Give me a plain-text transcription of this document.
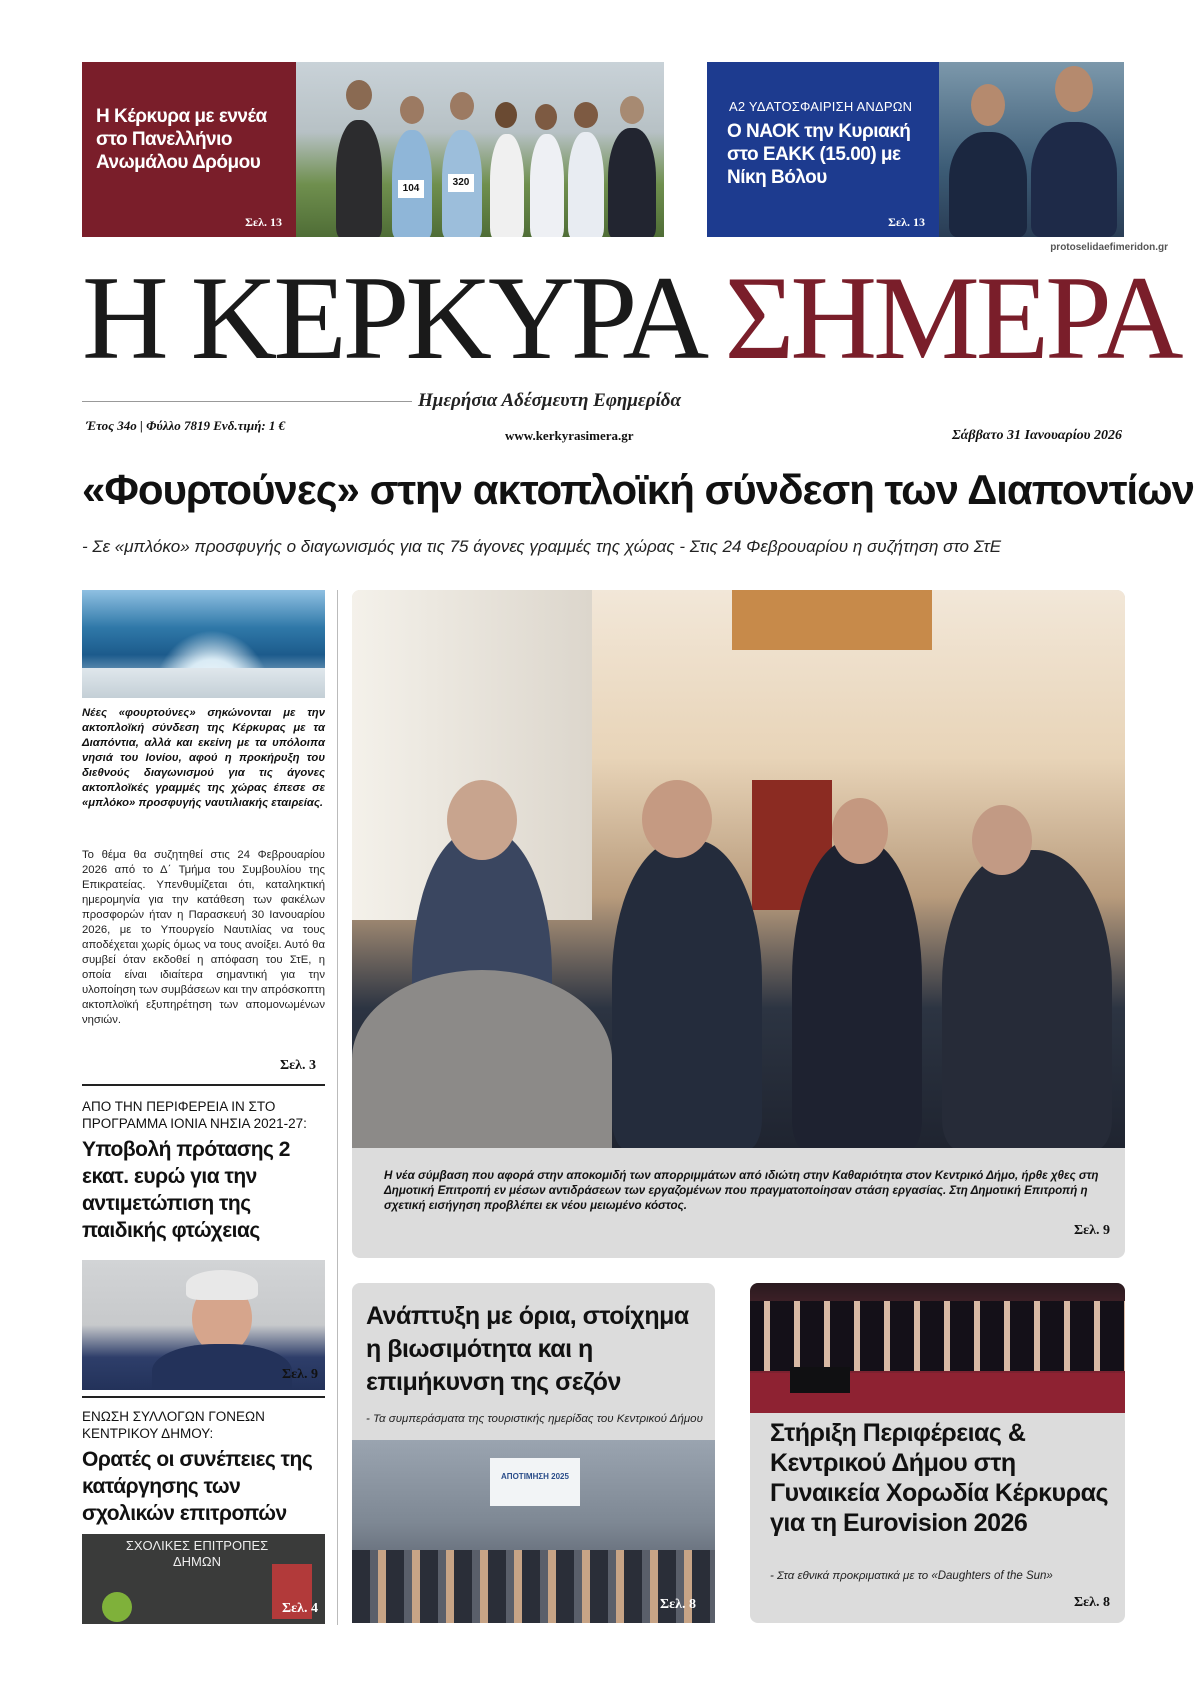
Η Κέρκυρα με εννέα στο Πανελλήνιο Ανωμάλου Δρόμου
Σελ. 13
104
320
Α2 ΥΔΑΤΟΣΦΑΙΡΙΣΗ ΑΝΔΡΩΝ
Ο ΝΑΟΚ την Κυριακή στο ΕΑΚΚ (15.00) με Νίκη Βόλου
Σελ. 13
protoselidaefimeridon.gr
Η ΚΕΡΚΥΡΑ ΣΗΜΕΡΑ
Ημερήσια Αδέσμευτη Εφημερίδα
Έτος 34ο | Φύλλο 7819 Ενδ.τιμή: 1 €
www.kerkyrasimera.gr	Σάββατο 31 Ιανουαρίου 2026
«Φουρτούνες» στην ακτοπλοϊκή σύνδεση των Διαποντίων
- Σε «μπλόκο» προσφυγής ο διαγωνισμός για τις 75 άγονες γραμμές της χώρας - Στις 24 Φεβρουαρίου η συζήτηση στο ΣτΕ
Νέες «φουρτούνες» σηκώνονται με την ακτοπλοϊκή σύνδεση της Κέρκυρας με τα Διαπόντια, αλλά και εκείνη με τα υπόλοιπα νησιά του Ιονίου, αφού η προκήρυξη του διεθνούς διαγωνισμού για τις άγονες ακτοπλοϊκές γραμμές της χώρας έπεσε σε «μπλόκο» προσφυγής ναυτιλιακής εταιρείας.
Το θέμα θα συζητηθεί στις 24 Φεβρουαρίου 2026 από το Δ΄ Τμήμα του Συμβουλίου της Επικρατείας. Υπενθυμίζεται ότι, καταληκτική ημερομηνία για την κατάθεση των φακέλων προσφορών ήταν η Παρασκευή 30 Ιανουαρίου 2026, με το Υπουργείο Ναυτιλίας να τους αποδέχεται χωρίς όμως να τους ανοίξει. Αυτό θα συμβεί όταν εκδοθεί η απόφαση του ΣτΕ, η οποία είναι ιδιαίτερα σημαντική για την υλοποίηση των συμβάσεων και την απρόσκοπτη ακτοπλοϊκή εξυπηρέτηση των απομονωμένων νησιών.
Σελ. 3
ΑΠΟ ΤΗΝ ΠΕΡΙΦΕΡΕΙΑ ΙΝ ΣΤΟ ΠΡΟΓΡΑΜΜΑ ΙΟΝΙΑ ΝΗΣΙΑ 2021-27:
Υποβολή πρότασης 2 εκατ. ευρώ για την αντιμετώπιση της παιδικής φτώχειας
Σελ. 9
ΕΝΩΣΗ ΣΥΛΛΟΓΩΝ ΓΟΝΕΩΝ ΚΕΝΤΡΙΚΟΥ ΔΗΜΟΥ:
Ορατές οι συνέπειες της κατάργησης των σχολικών επιτροπών
ΣΧΟΛΙΚΕΣ ΕΠΙΤΡΟΠΕΣ ΔΗΜΩΝ
Σελ. 4
Η νέα σύμβαση που αφορά στην αποκομιδή των απορριμμάτων από ιδιώτη στην Καθαριότητα στον Κεντρικό Δήμο, ήρθε χθες στη Δημοτική Επιτροπή εν μέσων αντιδράσεων των εργαζομένων που πραγματοποίησαν στάση εργασίας. Στη Δημοτική Επιτροπή η σχετική εισήγηση προβλέπει εκ νέου μειωμένο κόστος.
Σελ. 9
Ανάπτυξη με όρια, στοίχημα η βιωσιμότητα και η επιμήκυνση της σεζόν
- Τα συμπεράσματα της τουριστικής ημερίδας του Κεντρικού Δήμου
ΑΠΟΤΙΜΗΣΗ 2025
Σελ. 8
Στήριξη Περιφέρειας & Κεντρικού Δήμου στη Γυναικεία Χορωδία Κέρκυρας για τη Eurovision 2026
- Στα εθνικά προκριματικά με το «Daughters of the Sun»
Σελ. 8
